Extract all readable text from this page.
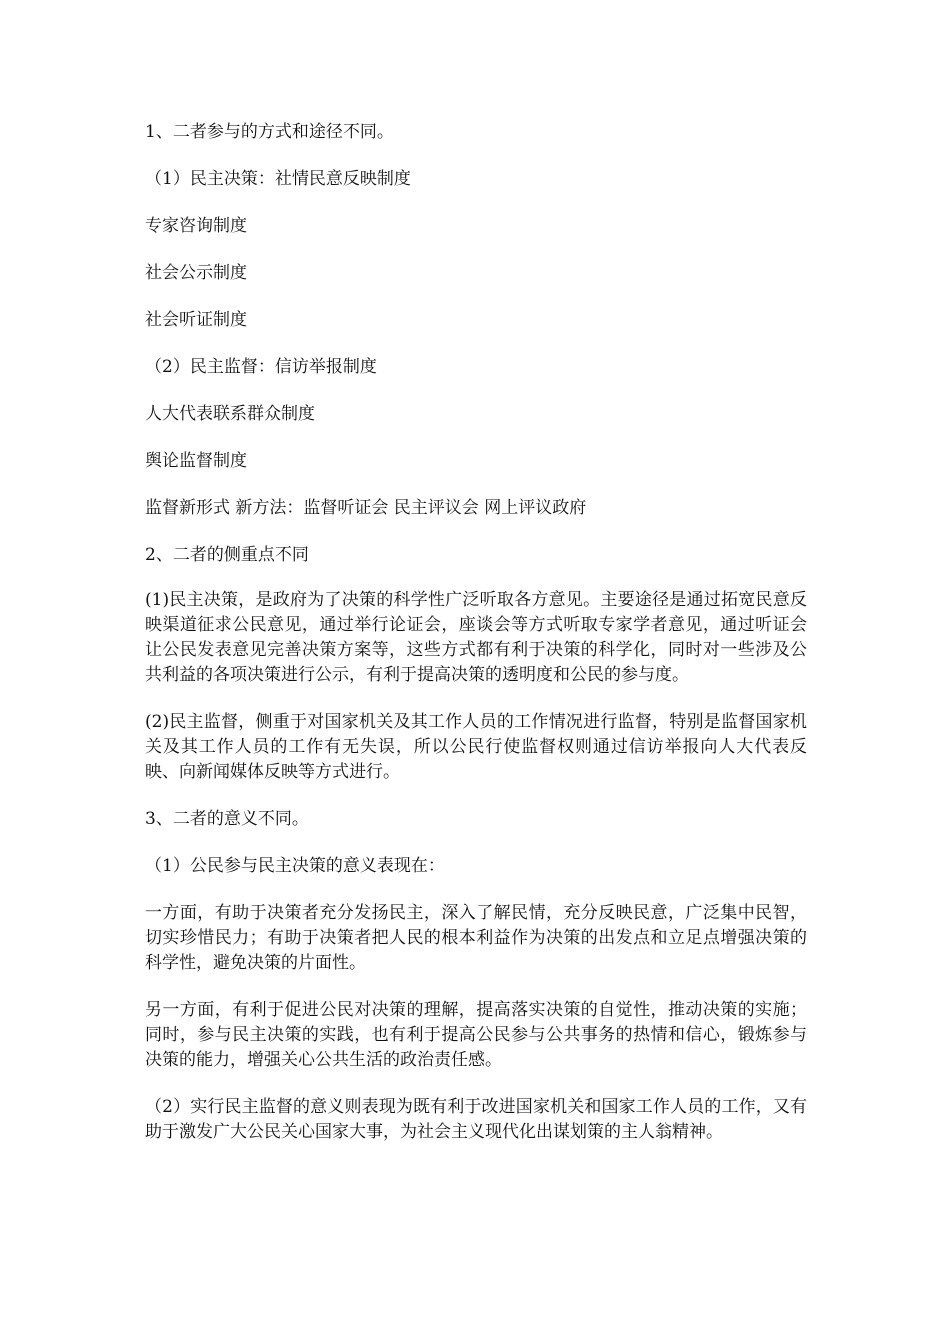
1、二者参与的方式和途径不同。

（1）民主决策：社情民意反映制度

专家咨询制度

社会公示制度

社会听证制度

（2）民主监督：信访举报制度

人大代表联系群众制度

舆论监督制度

监督新形式 新方法：监督听证会 民主评议会 网上评议政府

2、二者的侧重点不同

(1)民主决策，是政府为了决策的科学性广泛听取各方意见。主要途径是通过拓宽民意反映渠道征求公民意见，通过举行论证会，座谈会等方式听取专家学者意见，通过听证会让公民发表意见完善决策方案等，这些方式都有利于决策的科学化，同时对一些涉及公共利益的各项决策进行公示，有利于提高决策的透明度和公民的参与度。

(2)民主监督，侧重于对国家机关及其工作人员的工作情况进行监督，特别是监督国家机关及其工作人员的工作有无失误，所以公民行使监督权则通过信访举报向人大代表反映、向新闻媒体反映等方式进行。

3、二者的意义不同。

（1）公民参与民主决策的意义表现在：

一方面，有助于决策者充分发扬民主，深入了解民情，充分反映民意，广泛集中民智，切实珍惜民力；有助于决策者把人民的根本利益作为决策的出发点和立足点增强决策的科学性，避免决策的片面性。

另一方面，有利于促进公民对决策的理解，提高落实决策的自觉性，推动决策的实施；同时，参与民主决策的实践，也有利于提高公民参与公共事务的热情和信心，锻炼参与决策的能力，增强关心公共生活的政治责任感。

（2）实行民主监督的意义则表现为既有利于改进国家机关和国家工作人员的工作，又有助于激发广大公民关心国家大事，为社会主义现代化出谋划策的主人翁精神。
